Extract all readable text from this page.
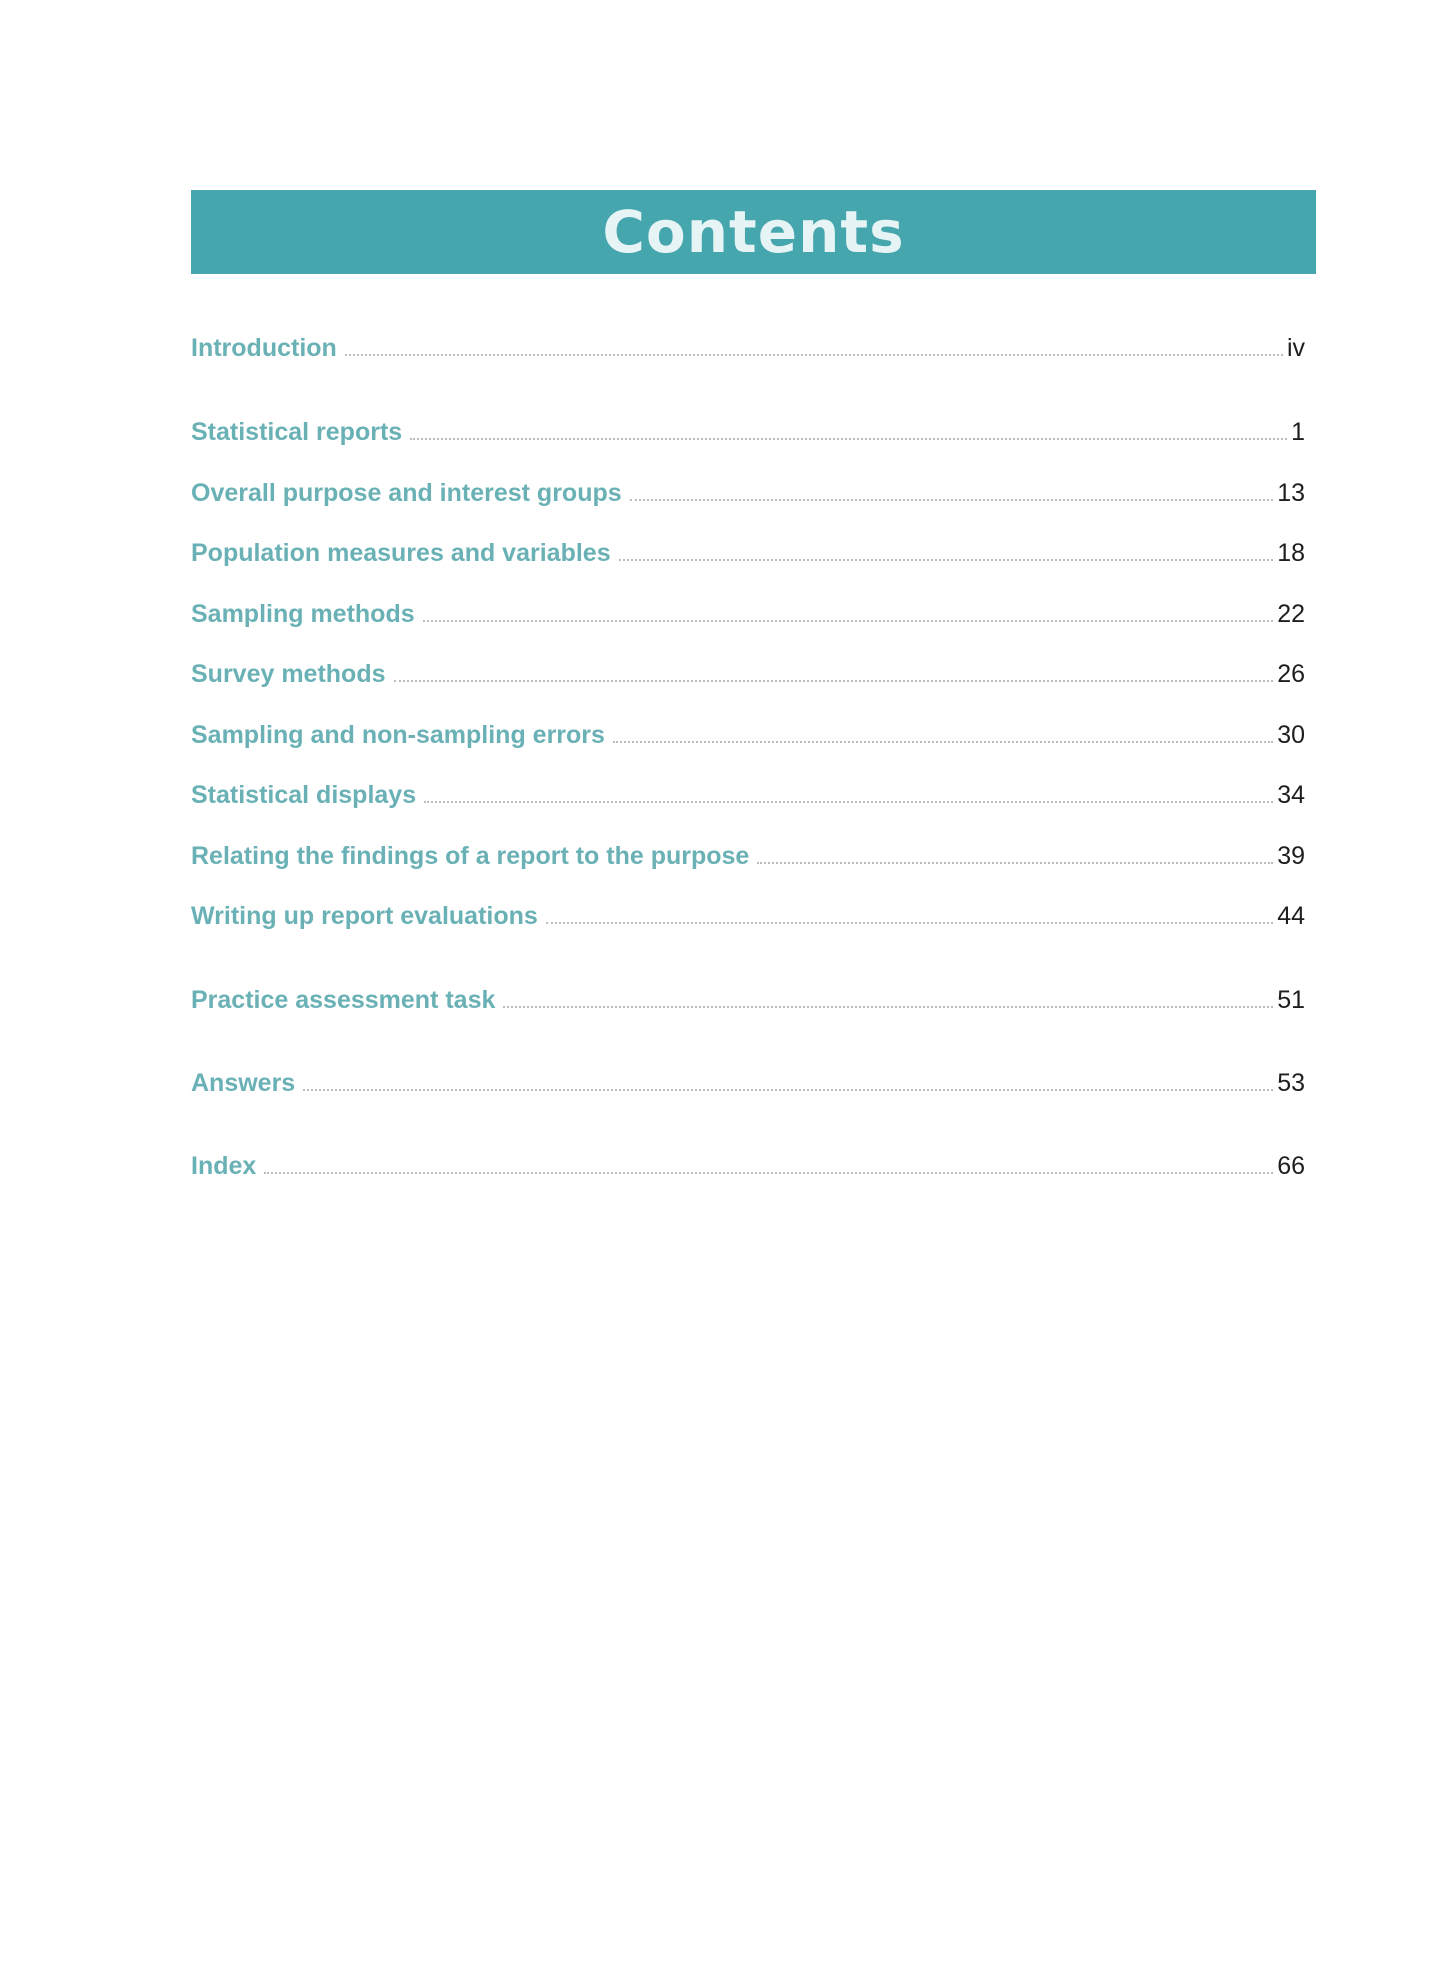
Contents
Introduction	iv
Statistical reports	1
Overall purpose and interest groups	13
Population measures and variables	18
Sampling methods	22
Survey methods	26
Sampling and non-sampling errors	30
Statistical displays	34
Relating the findings of a report to the purpose	39
Writing up report evaluations	44
Practice assessment task	51
Answers	53
Index	66
